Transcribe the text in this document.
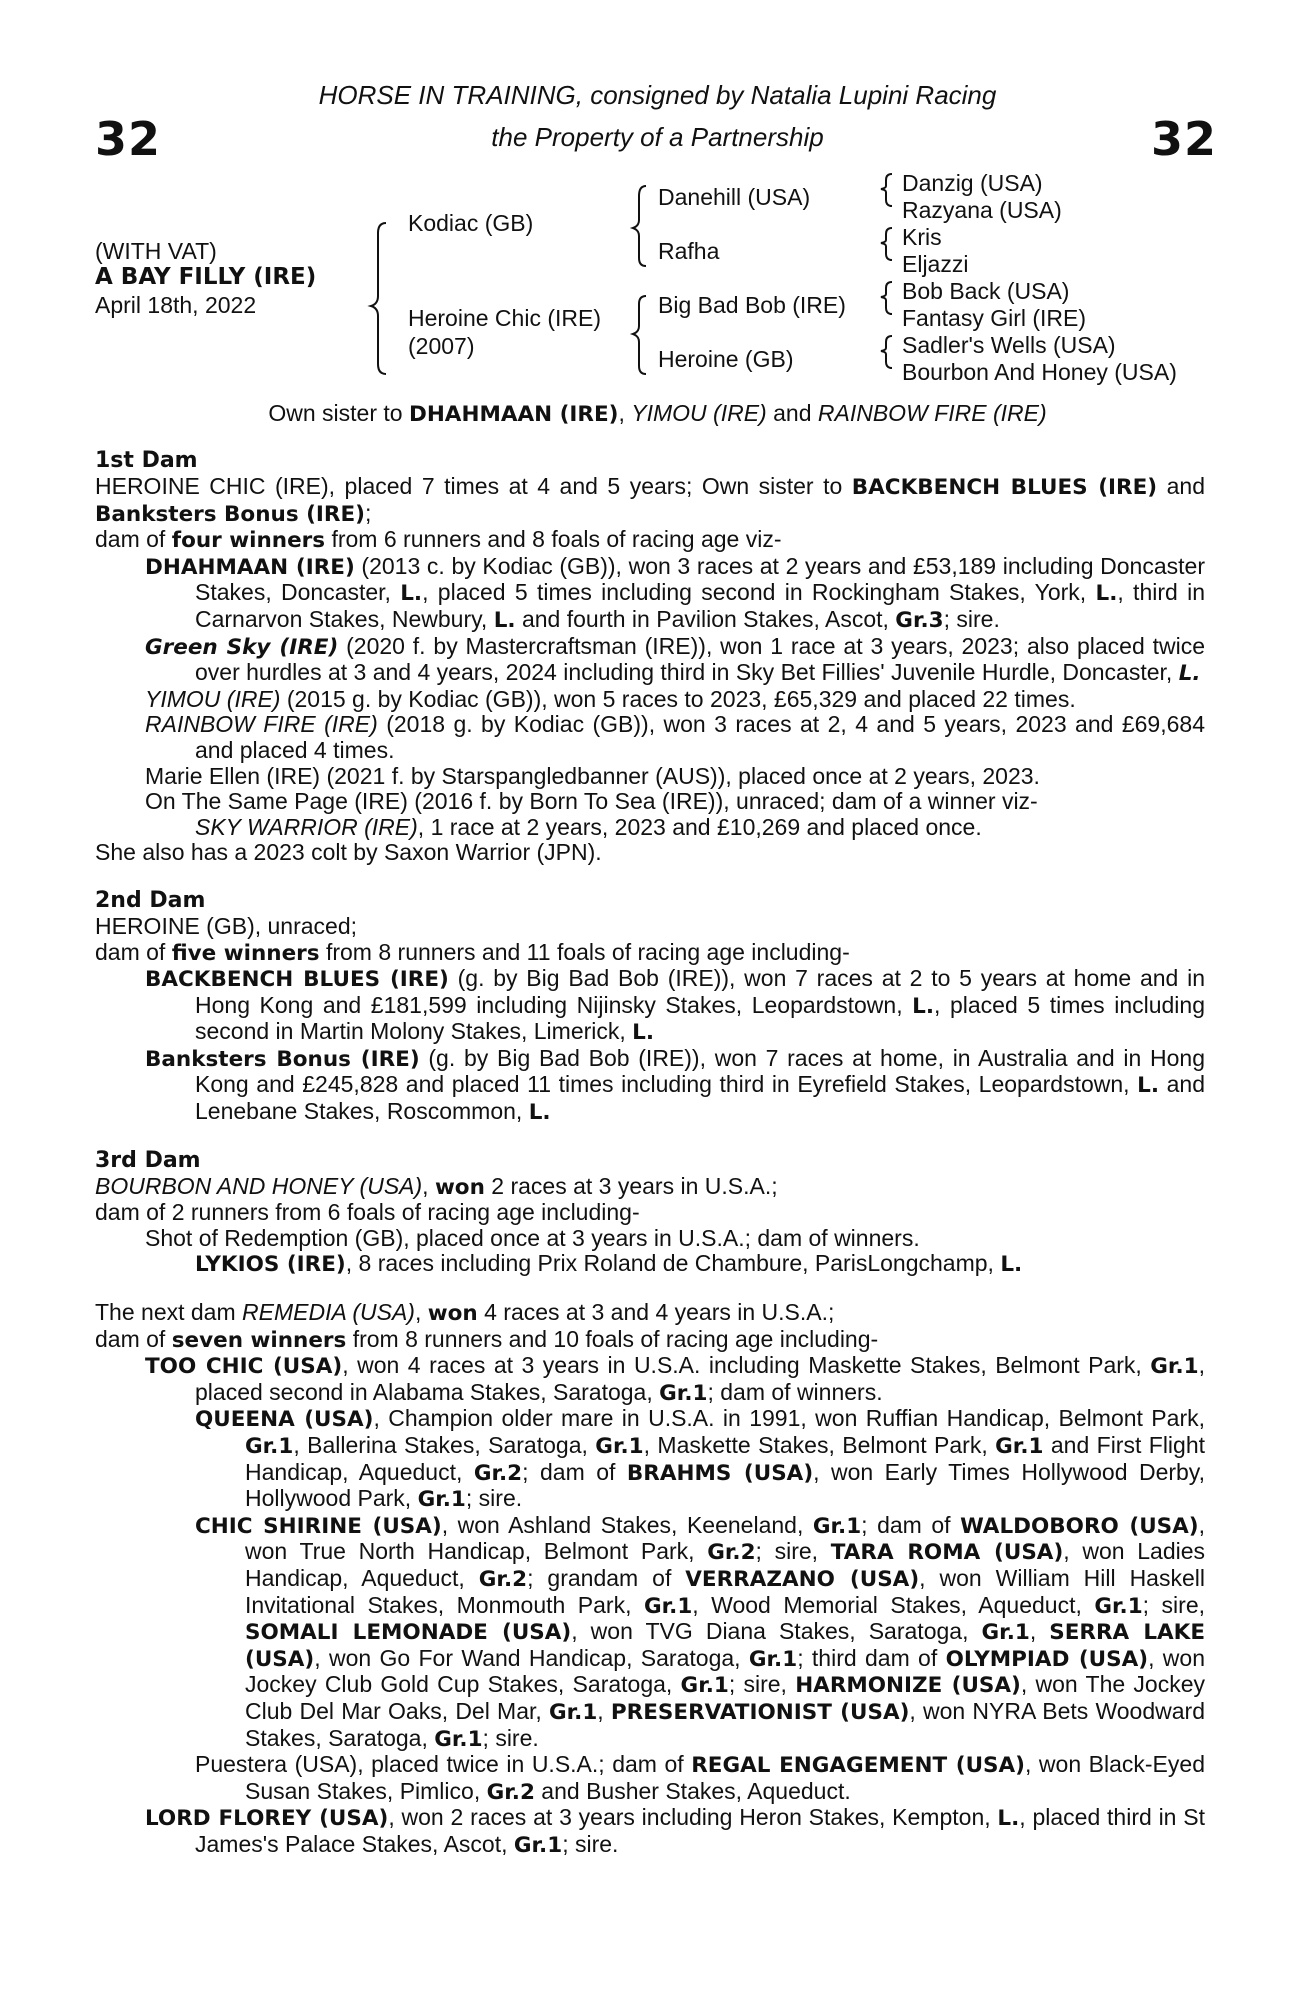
32	32
HORSE IN TRAINING, consigned by Natalia Lupini Racing
the Property of a Partnership
(WITH VAT)
A BAY FILLY (IRE)
April 18th, 2022
Kodiac (GB)
Heroine Chic (IRE)
(2007)
Danehill (USA)
Rafha
Big Bad Bob (IRE)
Heroine (GB)
Danzig (USA)
Razyana (USA)
Kris
Eljazzi
Bob Back (USA)
Fantasy Girl (IRE)
Sadler's Wells (USA)
Bourbon And Honey (USA)
Own sister to DHAHMAAN (IRE), YIMOU (IRE) and RAINBOW FIRE (IRE)
1st Dam

HEROINE CHIC (IRE), placed 7 times at 4 and 5 years; Own sister to BACKBENCH BLUES (IRE) and Banksters Bonus (IRE);

dam of four winners from 6 runners and 8 foals of racing age viz-

DHAHMAAN (IRE) (2013 c. by Kodiac (GB)), won 3 races at 2 years and £53,189 including Doncaster Stakes, Doncaster, L., placed 5 times including second in Rockingham Stakes, York, L., third in Carnarvon Stakes, Newbury, L. and fourth in Pavilion Stakes, Ascot, Gr.3; sire.

Green Sky (IRE) (2020 f. by Mastercraftsman (IRE)), won 1 race at 3 years, 2023; also placed twice over hurdles at 3 and 4 years, 2024 including third in Sky Bet Fillies' Juvenile Hurdle, Doncaster, L.

YIMOU (IRE) (2015 g. by Kodiac (GB)), won 5 races to 2023, £65,329 and placed 22 times.

RAINBOW FIRE (IRE) (2018 g. by Kodiac (GB)), won 3 races at 2, 4 and 5 years, 2023 and £69,684 and placed 4 times.

Marie Ellen (IRE) (2021 f. by Starspangledbanner (AUS)), placed once at 2 years, 2023.

On The Same Page (IRE) (2016 f. by Born To Sea (IRE)), unraced; dam of a winner viz-

SKY WARRIOR (IRE), 1 race at 2 years, 2023 and £10,269 and placed once.

She also has a 2023 colt by Saxon Warrior (JPN).

2nd Dam

HEROINE (GB), unraced;

dam of five winners from 8 runners and 11 foals of racing age including-

BACKBENCH BLUES (IRE) (g. by Big Bad Bob (IRE)), won 7 races at 2 to 5 years at home and in Hong Kong and £181,599 including Nijinsky Stakes, Leopardstown, L., placed 5 times including second in Martin Molony Stakes, Limerick, L.

Banksters Bonus (IRE) (g. by Big Bad Bob (IRE)), won 7 races at home, in Australia and in Hong Kong and £245,828 and placed 11 times including third in Eyrefield Stakes, Leopardstown, L. and Lenebane Stakes, Roscommon, L.

3rd Dam

BOURBON AND HONEY (USA), won 2 races at 3 years in U.S.A.;

dam of 2 runners from 6 foals of racing age including-

Shot of Redemption (GB), placed once at 3 years in U.S.A.; dam of winners.

LYKIOS (IRE), 8 races including Prix Roland de Chambure, ParisLongchamp, L.

The next dam REMEDIA (USA), won 4 races at 3 and 4 years in U.S.A.;

dam of seven winners from 8 runners and 10 foals of racing age including-

TOO CHIC (USA), won 4 races at 3 years in U.S.A. including Maskette Stakes, Belmont Park, Gr.1, placed second in Alabama Stakes, Saratoga, Gr.1; dam of winners.

QUEENA (USA), Champion older mare in U.S.A. in 1991, won Ruffian Handicap, Belmont Park, Gr.1, Ballerina Stakes, Saratoga, Gr.1, Maskette Stakes, Belmont Park, Gr.1 and First Flight Handicap, Aqueduct, Gr.2; dam of BRAHMS (USA), won Early Times Hollywood Derby, Hollywood Park, Gr.1; sire.

CHIC SHIRINE (USA), won Ashland Stakes, Keeneland, Gr.1; dam of WALDOBORO (USA), won True North Handicap, Belmont Park, Gr.2; sire, TARA ROMA (USA), won Ladies Handicap, Aqueduct, Gr.2; grandam of VERRAZANO (USA), won William Hill Haskell Invitational Stakes, Monmouth Park, Gr.1, Wood Memorial Stakes, Aqueduct, Gr.1; sire, SOMALI LEMONADE (USA), won TVG Diana Stakes, Saratoga, Gr.1, SERRA LAKE (USA), won Go For Wand Handicap, Saratoga, Gr.1; third dam of OLYMPIAD (USA), won Jockey Club Gold Cup Stakes, Saratoga, Gr.1; sire, HARMONIZE (USA), won The Jockey Club Del Mar Oaks, Del Mar, Gr.1, PRESERVATIONIST (USA), won NYRA Bets Woodward Stakes, Saratoga, Gr.1; sire.

Puestera (USA), placed twice in U.S.A.; dam of REGAL ENGAGEMENT (USA), won Black-Eyed Susan Stakes, Pimlico, Gr.2 and Busher Stakes, Aqueduct.

LORD FLOREY (USA), won 2 races at 3 years including Heron Stakes, Kempton, L., placed third in St James's Palace Stakes, Ascot, Gr.1; sire.
